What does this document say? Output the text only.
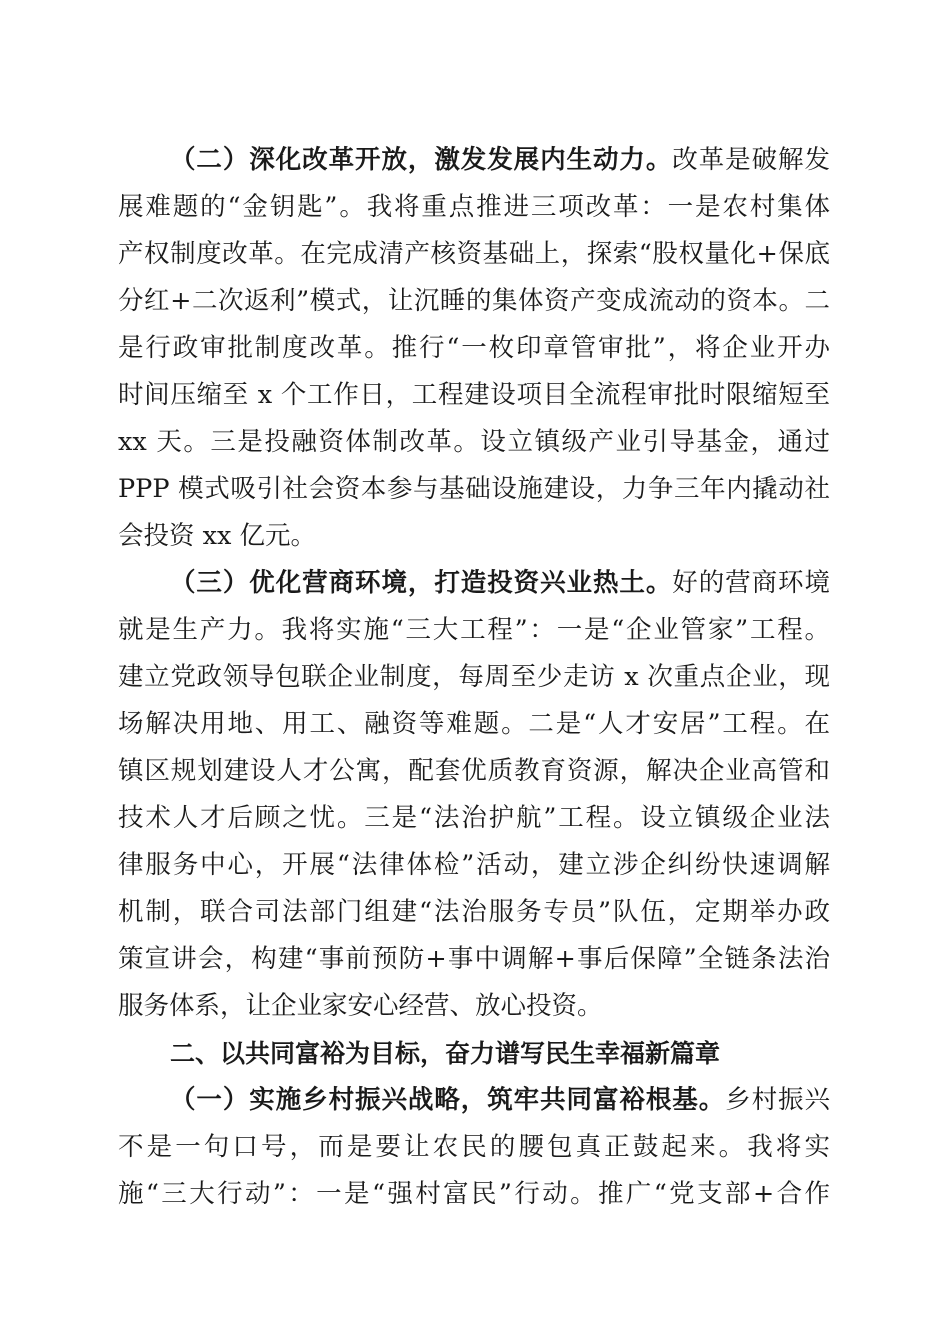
（二）深化改革开放，激发发展内生动力。改革是破解发
展难题的“金钥匙”。我将重点推进三项改革：一是农村集体
产权制度改革。在完成清产核资基础上，探索“股权量化+保底
分红+二次返利”模式，让沉睡的集体资产变成流动的资本。二
是行政审批制度改革。推行“一枚印章管审批”，将企业开办
时间压缩至 x 个工作日，工程建设项目全流程审批时限缩短至
xx 天。三是投融资体制改革。设立镇级产业引导基金，通过
PPP 模式吸引社会资本参与基础设施建设，力争三年内撬动社
会投资 xx 亿元。
（三）优化营商环境，打造投资兴业热土。好的营商环境
就是生产力。我将实施“三大工程”：一是“企业管家”工程。
建立党政领导包联企业制度，每周至少走访 x 次重点企业，现
场解决用地、用工、融资等难题。二是“人才安居”工程。在
镇区规划建设人才公寓，配套优质教育资源，解决企业高管和
技术人才后顾之忧。三是“法治护航”工程。设立镇级企业法
律服务中心，开展“法律体检”活动，建立涉企纠纷快速调解
机制，联合司法部门组建“法治服务专员”队伍，定期举办政
策宣讲会，构建“事前预防+事中调解+事后保障”全链条法治
服务体系，让企业家安心经营、放心投资。
二、以共同富裕为目标，奋力谱写民生幸福新篇章
（一）实施乡村振兴战略，筑牢共同富裕根基。乡村振兴
不是一句口号，而是要让农民的腰包真正鼓起来。我将实
施“三大行动”：一是“强村富民”行动。推广“党支部+合作
